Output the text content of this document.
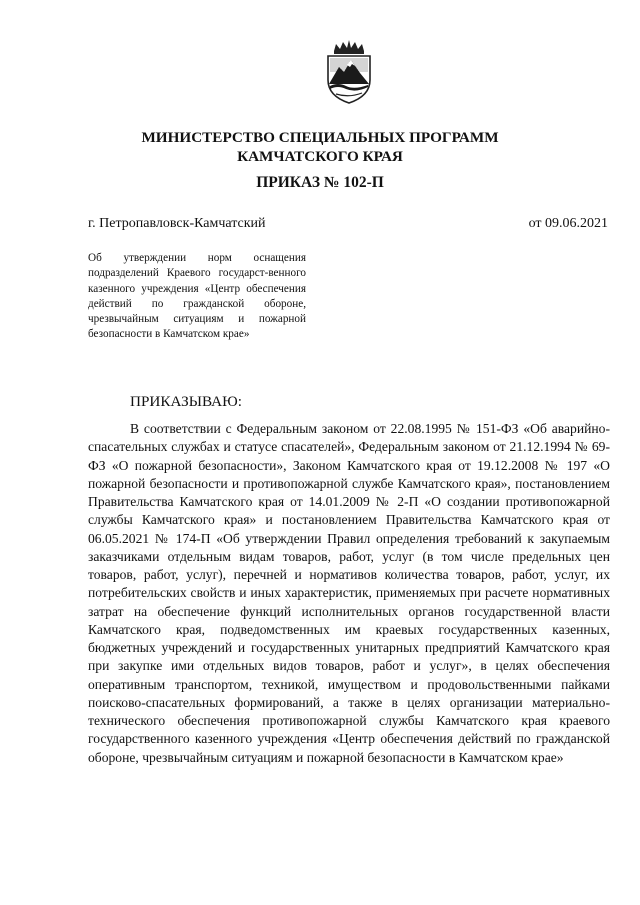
МИНИСТЕРСТВО СПЕЦИАЛЬНЫХ ПРОГРАММ
КАМЧАТСКОГО КРАЯ
ПРИКАЗ № 102-П
г. Петропавловск-Камчатский	от 09.06.2021
Об утверждении норм оснащения подразделений Краевого государст-венного казенного учреждения «Центр обеспечения действий по гражданской обороне, чрезвычайным ситуациям и пожарной безопасности в Камчатском крае»
ПРИКАЗЫВАЮ:

В соответствии с Федеральным законом от 22.08.1995 № 151-ФЗ «Об аварийно-спасательных службах и статусе спасателей», Федеральным законом от 21.12.1994 № 69-ФЗ «О пожарной безопасности», Законом Камчатского края от 19.12.2008 № 197 «О пожарной безопасности и противопожарной службе Камчатского края», постановлением Правительства Камчатского края от 14.01.2009 № 2-П «О создании противопожарной службы Камчатского края» и постановлением Правительства Камчатского края от 06.05.2021 № 174-П «Об утверждении Правил определения требований к закупаемым заказчиками отдельным видам товаров, работ, услуг (в том числе предельных цен товаров, работ, услуг), перечней и нормативов количества товаров, работ, услуг, их потребительских свойств и иных характеристик, применяемых при расчете нормативных затрат на обеспечение функций исполнительных органов государственной власти Камчатского края, подведомственных им краевых государственных казенных, бюджетных учреждений и государственных унитарных предприятий Камчатского края при закупке ими отдельных видов товаров, работ и услуг», в целях обеспечения оперативным транспортом, техникой, имуществом и продовольственными пайками поисково-спасательных формирований, а также в целях организации материально-технического обеспечения противопожарной службы Камчатского края краевого государственного казенного учреждения «Центр обеспечения действий по гражданской обороне, чрезвычайным ситуациям и пожарной безопасности в Камчатском крае»
